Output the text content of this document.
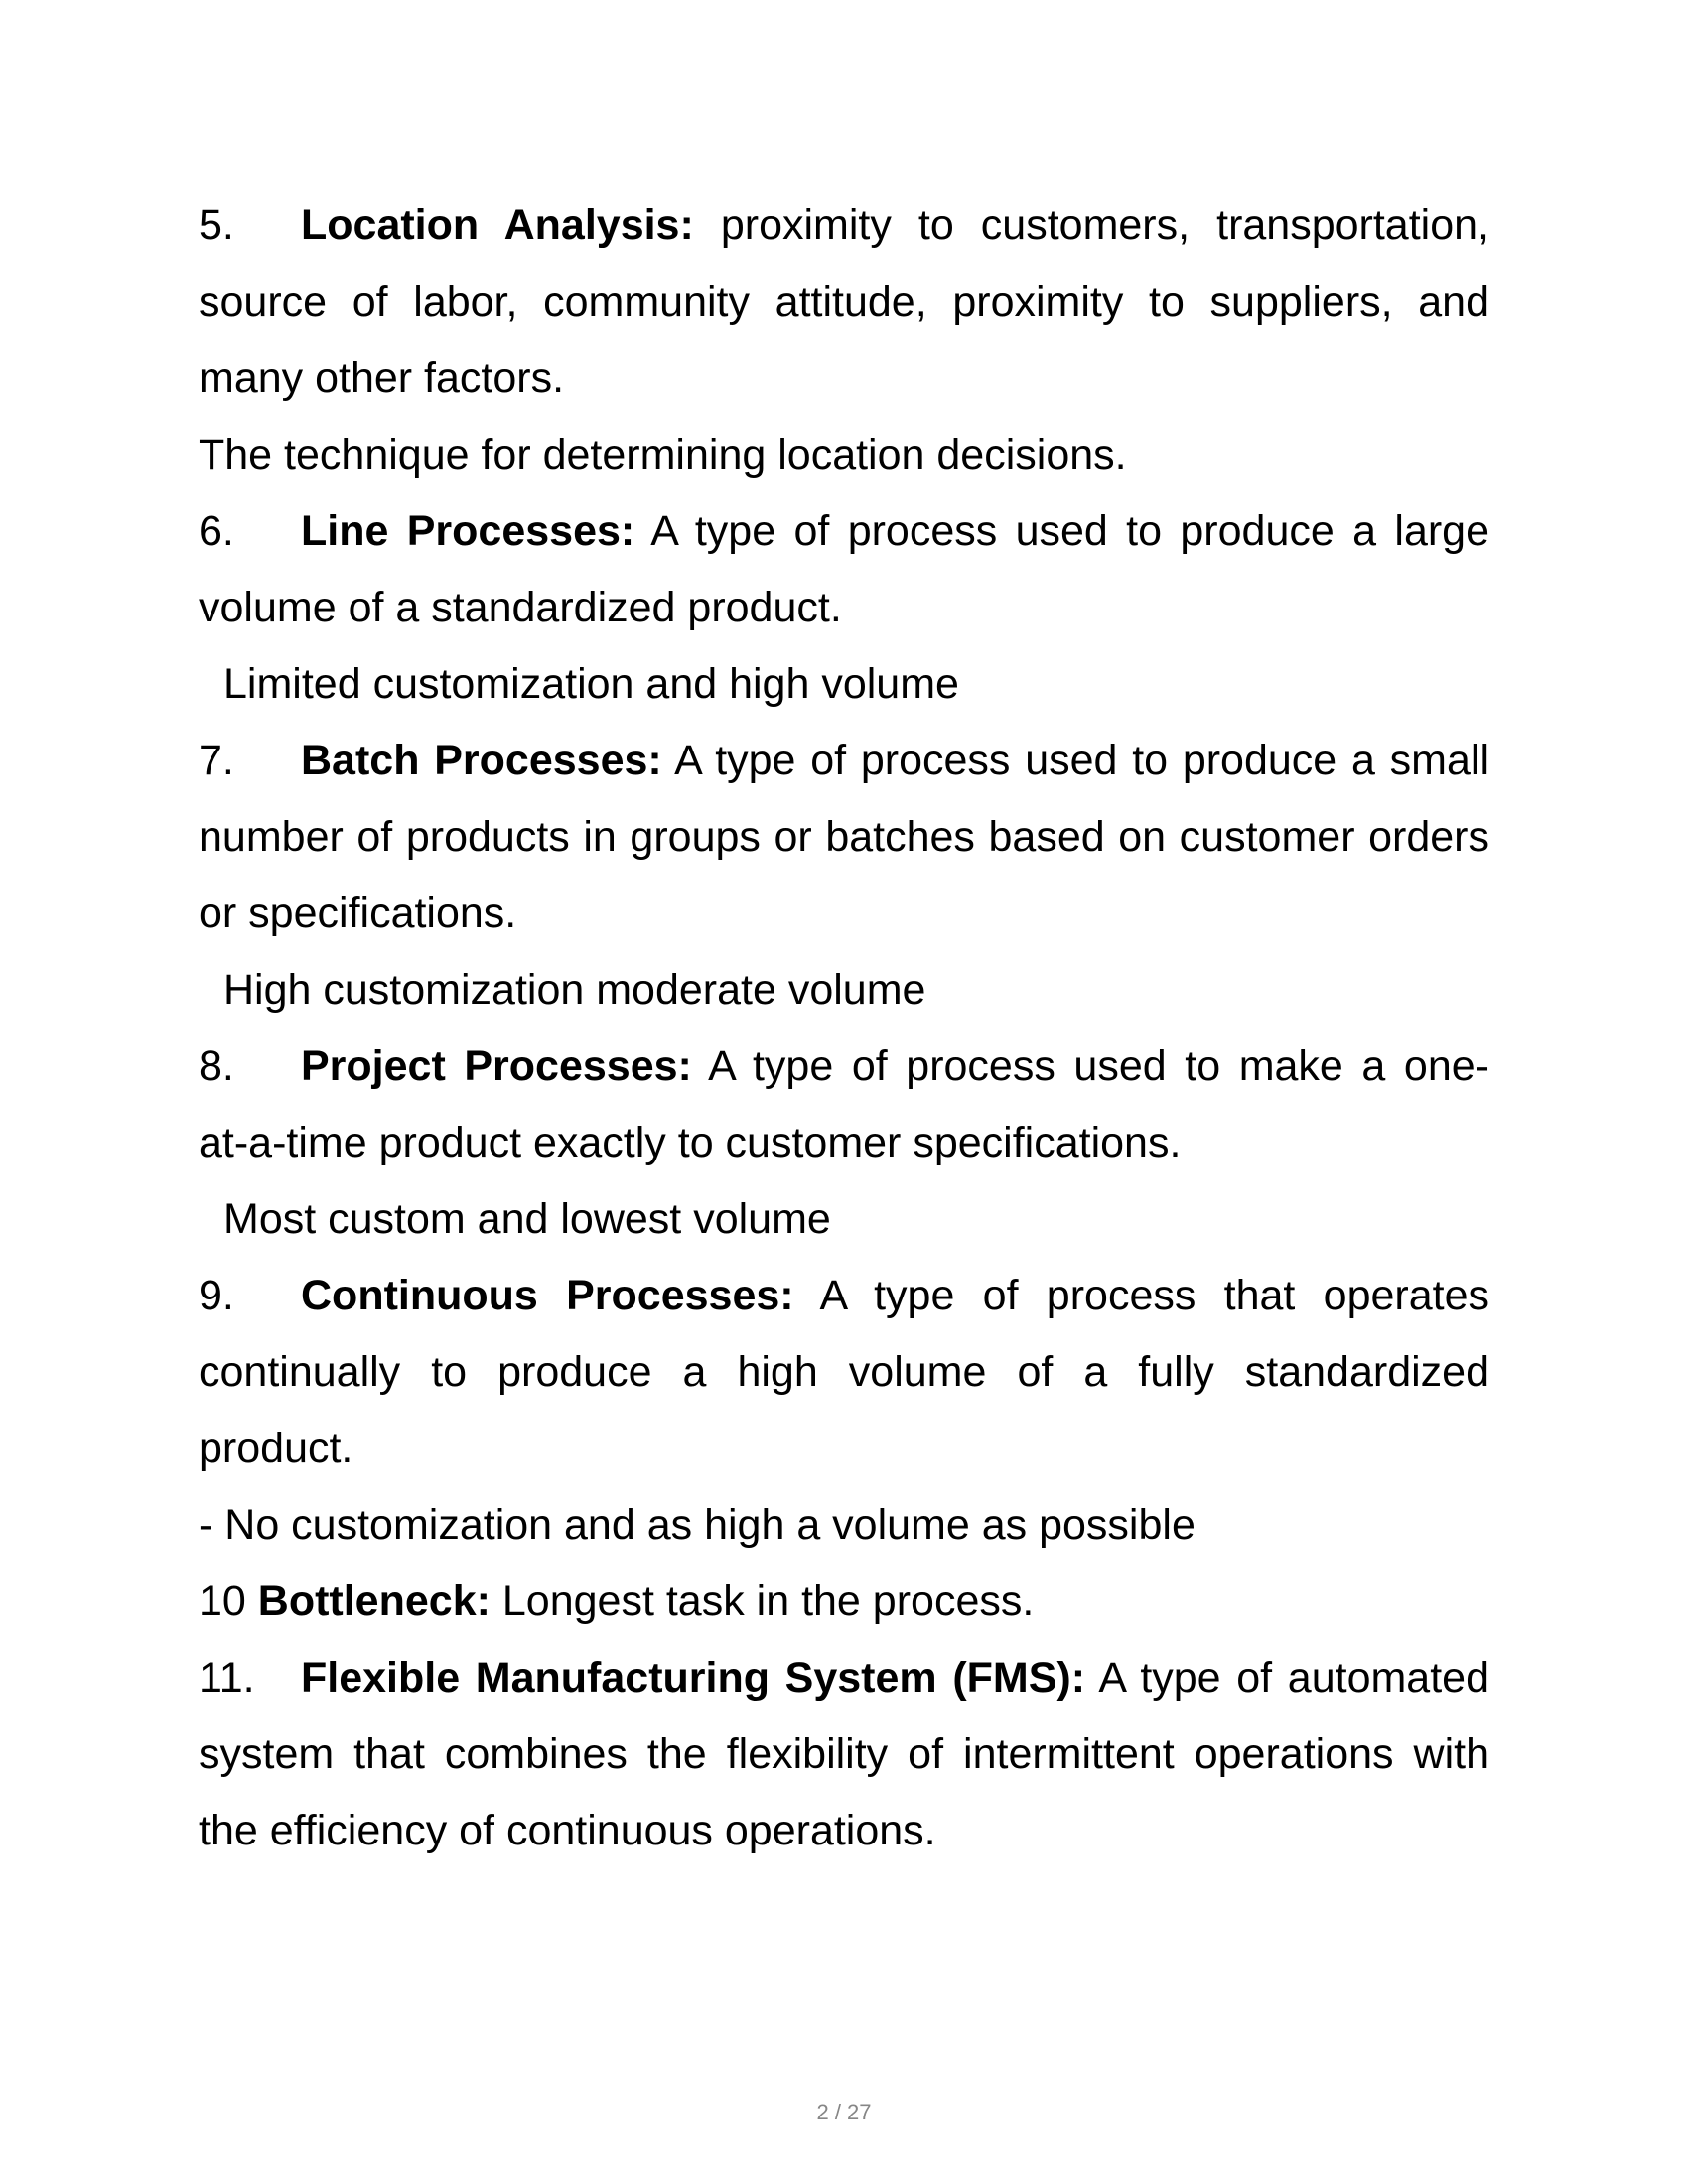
5. Location Analysis: proximity to customers, transportation,
source of labor, community attitude, proximity to suppliers, and
many other factors.
The technique for determining location decisions.
6. Line Processes: A type of process used to produce a large
volume of a standardized product.
Limited customization and high volume
7. Batch Processes: A type of process used to produce a small
number of products in groups or batches based on customer orders
or specifications.
High customization moderate volume
8. Project Processes: A type of process used to make a one-
at-a-time product exactly to customer specifications.
Most custom and lowest volume
9. Continuous Processes: A type of process that operates
continually to produce a high volume of a fully standardized
product.
- No customization and as high a volume as possible
10 Bottleneck: Longest task in the process.
11. Flexible Manufacturing System (FMS): A type of automated
system that combines the flexibility of intermittent operations with
the efficiency of continuous operations.
2 / 27
